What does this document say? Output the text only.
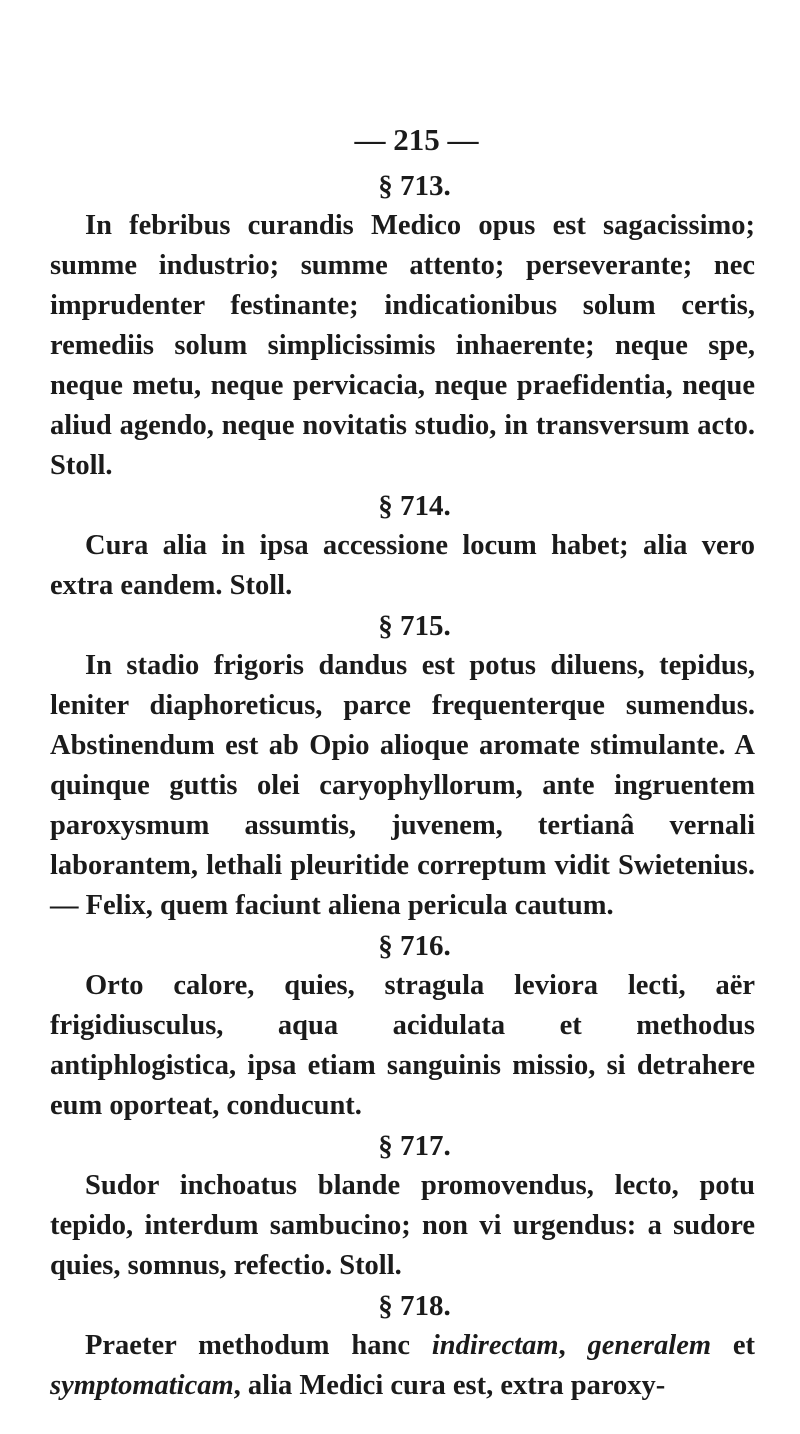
— 215 —
§ 713.

In febribus curandis Medico opus est sagacissimo; summe industrio; summe attento; perseverante; nec imprudenter festinante; indicationibus solum certis, remediis solum simplicissimis inhaerente; neque spe, neque metu, neque pervicacia, neque praefidentia, neque aliud agendo, neque novitatis studio, in transversum acto. Stoll.

§ 714.

Cura alia in ipsa accessione locum habet; alia vero extra eandem. Stoll.

§ 715.

In stadio frigoris dandus est potus diluens, tepidus, leniter diaphoreticus, parce frequenterque sumendus. Abstinendum est ab Opio alioque aromate stimulante. A quinque guttis olei caryophyllorum, ante ingruentem paroxysmum assumtis, juvenem, tertianâ vernali laborantem, lethali pleuritide correptum vidit Swietenius. — Felix, quem faciunt aliena pericula cautum.

§ 716.

Orto calore, quies, stragula leviora lecti, aër frigidiusculus, aqua acidulata et methodus antiphlogistica, ipsa etiam sanguinis missio, si detrahere eum oporteat, conducunt.

§ 717.

Sudor inchoatus blande promovendus, lecto, potu tepido, interdum sambucino; non vi urgendus: a sudore quies, somnus, refectio. Stoll.

§ 718.

Praeter methodum hanc indirectam, generalem et symptomaticam, alia Medici cura est, extra paroxy-
